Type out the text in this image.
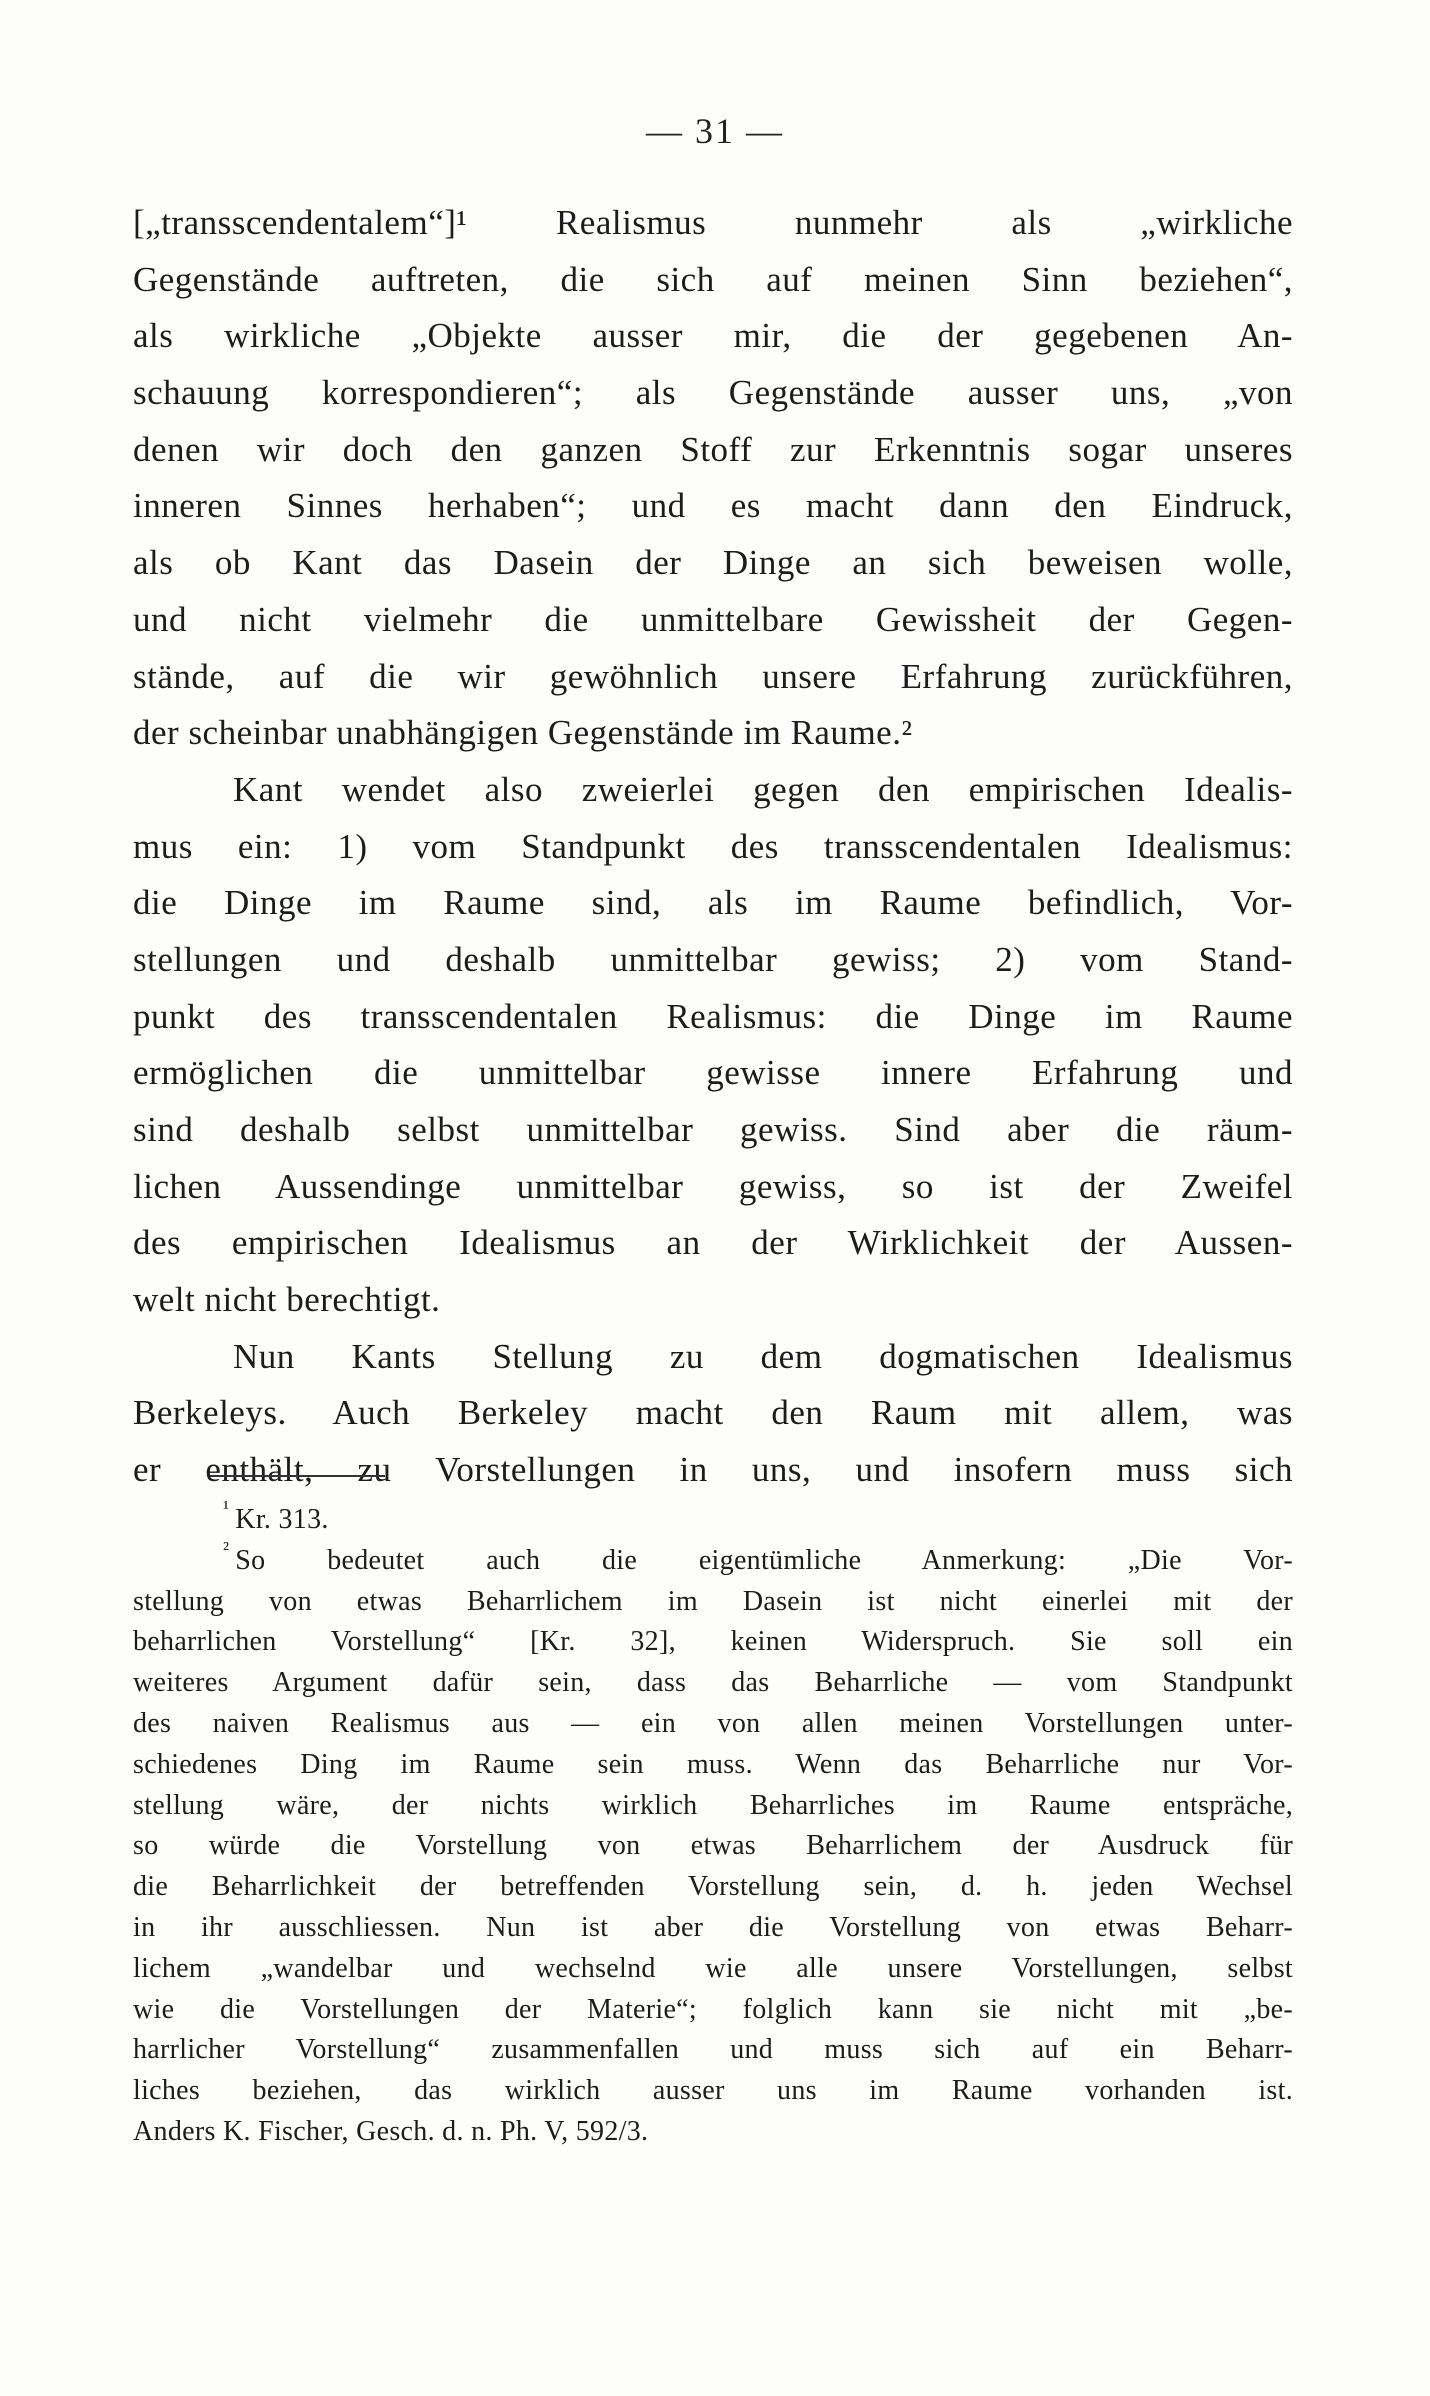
— 31 —
[„transscendentalem“]¹ Realismus nunmehr als „wirkliche
Gegenstände auftreten, die sich auf meinen Sinn beziehen“,
als wirkliche „Objekte ausser mir, die der gegebenen An-
schauung korrespondieren“; als Gegenstände ausser uns, „von
denen wir doch den ganzen Stoff zur Erkenntnis sogar unseres
inneren Sinnes herhaben“; und es macht dann den Eindruck,
als ob Kant das Dasein der Dinge an sich beweisen wolle,
und nicht vielmehr die unmittelbare Gewissheit der Gegen-
stände, auf die wir gewöhnlich unsere Erfahrung zurückführen,
der scheinbar unabhängigen Gegenstände im Raume.²
Kant wendet also zweierlei gegen den empirischen Idealis-
mus ein: 1) vom Standpunkt des transscendentalen Idealismus:
die Dinge im Raume sind, als im Raume befindlich, Vor-
stellungen und deshalb unmittelbar gewiss; 2) vom Stand-
punkt des transscendentalen Realismus: die Dinge im Raume
ermöglichen die unmittelbar gewisse innere Erfahrung und
sind deshalb selbst unmittelbar gewiss. Sind aber die räum-
lichen Aussendinge unmittelbar gewiss, so ist der Zweifel
des empirischen Idealismus an der Wirklichkeit der Aussen-
welt nicht berechtigt.
Nun Kants Stellung zu dem dogmatischen Idealismus
Berkeleys. Auch Berkeley macht den Raum mit allem, was
er enthält, zu Vorstellungen in uns, und insofern muss sich
$^{^1}$ Kr. 313.
$^{^2}$ So bedeutet auch die eigentümliche Anmerkung: „Die Vor-
stellung von etwas Beharrlichem im Dasein ist nicht einerlei mit der
beharrlichen Vorstellung“ [Kr. 32], keinen Widerspruch. Sie soll ein
weiteres Argument dafür sein, dass das Beharrliche — vom Standpunkt
des naiven Realismus aus — ein von allen meinen Vorstellungen unter-
schiedenes Ding im Raume sein muss. Wenn das Beharrliche nur Vor-
stellung wäre, der nichts wirklich Beharrliches im Raume entspräche,
so würde die Vorstellung von etwas Beharrlichem der Ausdruck für
die Beharrlichkeit der betreffenden Vorstellung sein, d. h. jeden Wechsel
in ihr ausschliessen. Nun ist aber die Vorstellung von etwas Beharr-
lichem „wandelbar und wechselnd wie alle unsere Vorstellungen, selbst
wie die Vorstellungen der Materie“; folglich kann sie nicht mit „be-
harrlicher Vorstellung“ zusammenfallen und muss sich auf ein Beharr-
liches beziehen, das wirklich ausser uns im Raume vorhanden ist.
Anders K. Fischer, Gesch. d. n. Ph. V, 592/3.
